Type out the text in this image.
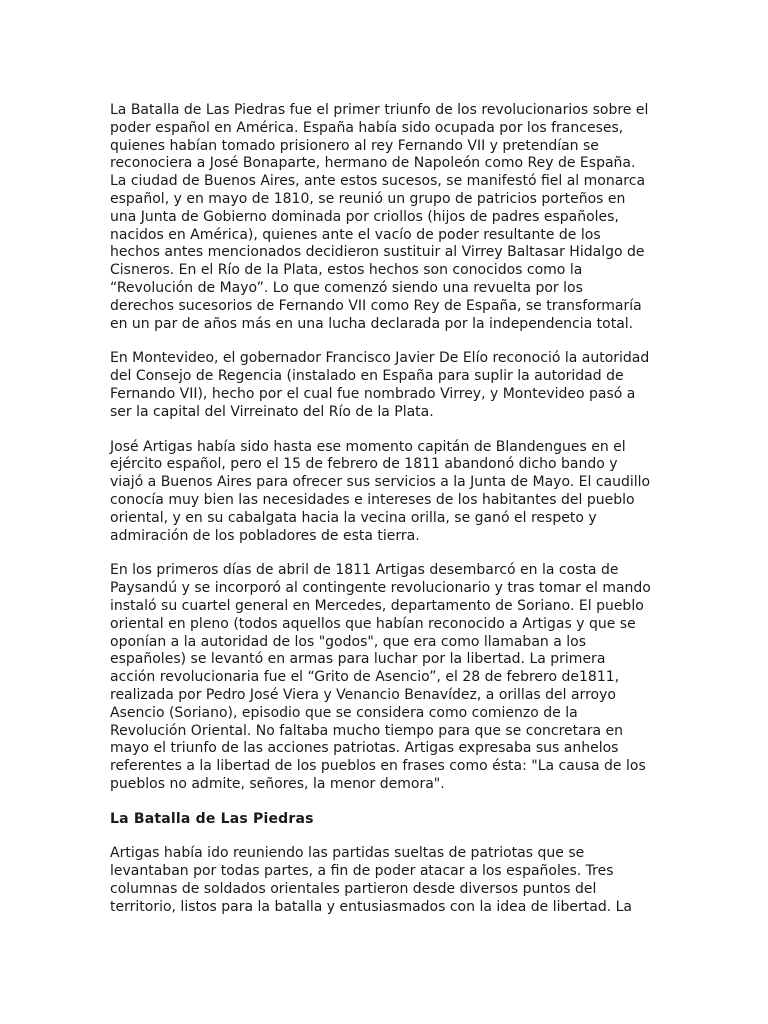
La Batalla de Las Piedras fue el primer triunfo de los revolucionarios sobre el
poder español en América. España había sido ocupada por los franceses,
quienes habían tomado prisionero al rey Fernando VII y pretendían se
reconociera a José Bonaparte, hermano de Napoleón como Rey de España.
La ciudad de Buenos Aires, ante estos sucesos, se manifestó fiel al monarca
español, y en mayo de 1810, se reunió un grupo de patricios porteños en
una Junta de Gobierno dominada por criollos (hijos de padres españoles,
nacidos en América), quienes ante el vacío de poder resultante de los
hechos antes mencionados decidieron sustituir al Virrey Baltasar Hidalgo de
Cisneros. En el Río de la Plata, estos hechos son conocidos como la
“Revolución de Mayo”. Lo que comenzó siendo una revuelta por los
derechos sucesorios de Fernando VII como Rey de España, se transformaría
en un par de años más en una lucha declarada por la independencia total.

En Montevideo, el gobernador Francisco Javier De Elío reconoció la autoridad
del Consejo de Regencia (instalado en España para suplir la autoridad de
Fernando VII), hecho por el cual fue nombrado Virrey, y Montevideo pasó a
ser la capital del Virreinato del Río de la Plata.

José Artigas había sido hasta ese momento capitán de Blandengues en el
ejército español, pero el 15 de febrero de 1811 abandonó dicho bando y
viajó a Buenos Aires para ofrecer sus servicios a la Junta de Mayo. El caudillo
conocía muy bien las necesidades e intereses de los habitantes del pueblo
oriental, y en su cabalgata hacia la vecina orilla, se ganó el respeto y
admiración de los pobladores de esta tierra.

En los primeros días de abril de 1811 Artigas desembarcó en la costa de
Paysandú y se incorporó al contingente revolucionario y tras tomar el mando
instaló su cuartel general en Mercedes, departamento de Soriano. El pueblo
oriental en pleno (todos aquellos que habían reconocido a Artigas y que se
oponían a la autoridad de los "godos", que era como llamaban a los
españoles) se levantó en armas para luchar por la libertad. La primera
acción revolucionaria fue el “Grito de Asencio”, el 28 de febrero de1811,
realizada por Pedro José Viera y Venancio Benavídez, a orillas del arroyo
Asencio (Soriano), episodio que se considera como comienzo de la
Revolución Oriental. No faltaba mucho tiempo para que se concretara en
mayo el triunfo de las acciones patriotas. Artigas expresaba sus anhelos
referentes a la libertad de los pueblos en frases como ésta: "La causa de los
pueblos no admite, señores, la menor demora".

La Batalla de Las Piedras

Artigas había ido reuniendo las partidas sueltas de patriotas que se
levantaban por todas partes, a fin de poder atacar a los españoles. Tres
columnas de soldados orientales partieron desde diversos puntos del
territorio, listos para la batalla y entusiasmados con la idea de libertad. La
